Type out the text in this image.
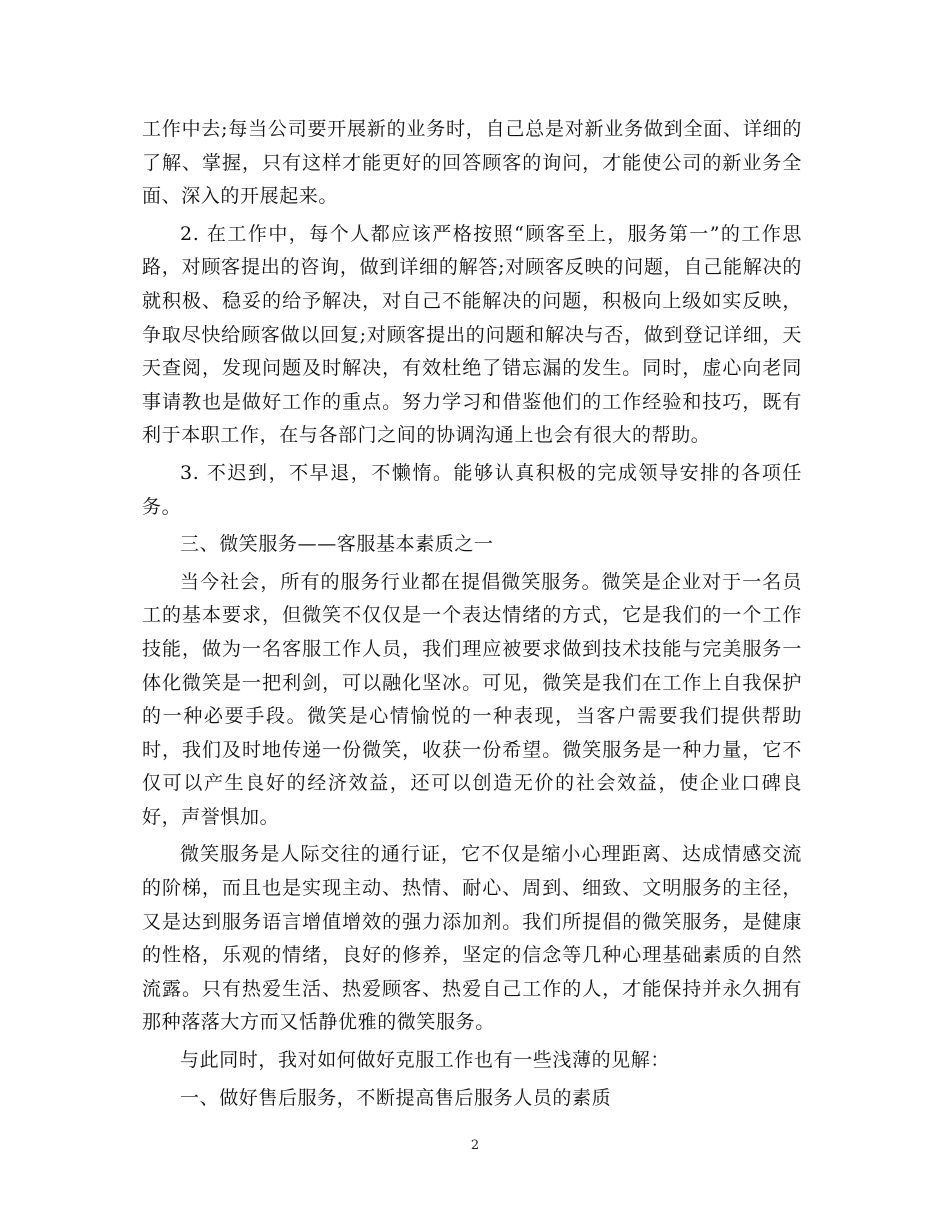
工作中去;每当公司要开展新的业务时，自己总是对新业务做到全面、详细的了解、掌握，只有这样才能更好的回答顾客的询问，才能使公司的新业务全面、深入的开展起来。

2. 在工作中，每个人都应该严格按照“顾客至上，服务第一”的工作思路，对顾客提出的咨询，做到详细的解答;对顾客反映的问题，自己能解决的就积极、稳妥的给予解决，对自己不能解决的问题，积极向上级如实反映，争取尽快给顾客做以回复;对顾客提出的问题和解决与否，做到登记详细，天天查阅，发现问题及时解决，有效杜绝了错忘漏的发生。同时，虚心向老同事请教也是做好工作的重点。努力学习和借鉴他们的工作经验和技巧，既有利于本职工作，在与各部门之间的协调沟通上也会有很大的帮助。

3. 不迟到，不早退，不懒惰。能够认真积极的完成领导安排的各项任务。

三、微笑服务——客服基本素质之一

当今社会，所有的服务行业都在提倡微笑服务。微笑是企业对于一名员工的基本要求，但微笑不仅仅是一个表达情绪的方式，它是我们的一个工作技能，做为一名客服工作人员，我们理应被要求做到技术技能与完美服务一体化微笑是一把利剑，可以融化坚冰。可见，微笑是我们在工作上自我保护的一种必要手段。微笑是心情愉悦的一种表现，当客户需要我们提供帮助时，我们及时地传递一份微笑，收获一份希望。微笑服务是一种力量，它不仅可以产生良好的经济效益，还可以创造无价的社会效益，使企业口碑良好，声誉惧加。

微笑服务是人际交往的通行证，它不仅是缩小心理距离、达成情感交流的阶梯，而且也是实现主动、热情、耐心、周到、细致、文明服务的主径，又是达到服务语言增值增效的强力添加剂。我们所提倡的微笑服务，是健康的性格，乐观的情绪，良好的修养，坚定的信念等几种心理基础素质的自然流露。只有热爱生活、热爱顾客、热爱自己工作的人，才能保持并永久拥有那种落落大方而又恬静优雅的微笑服务。

与此同时，我对如何做好克服工作也有一些浅薄的见解：

一、做好售后服务，不断提高售后服务人员的素质

2
